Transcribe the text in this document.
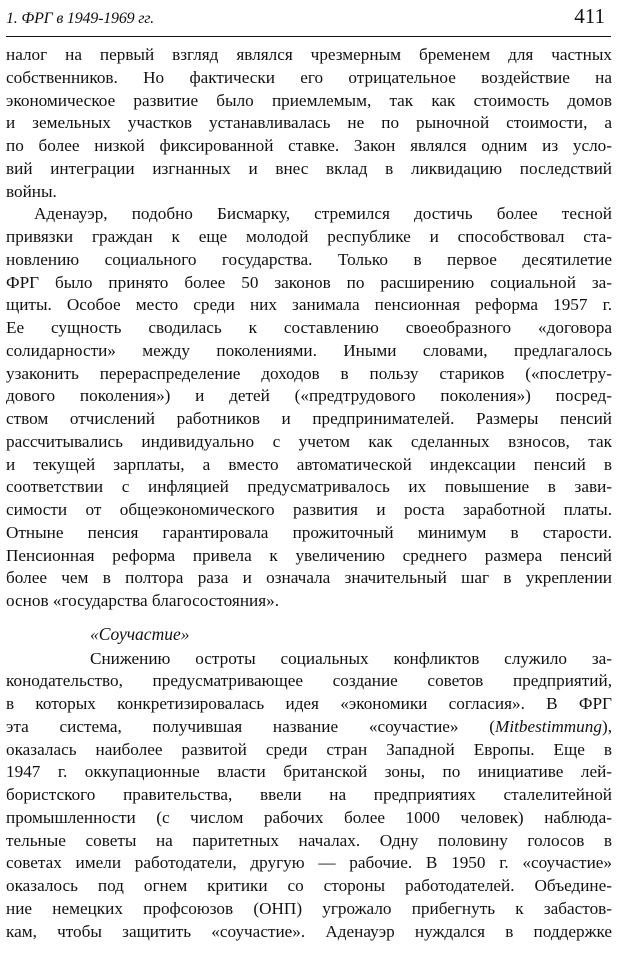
1. ФРГ в 1949-1969 гг.	411
налог на первый взгляд являлся чрезмерным бременем для частных
собственников. Но фактически его отрицательное воздействие на
экономическое развитие было приемлемым, так как стоимость домов
и земельных участков устанавливалась не по рыночной стоимости, а
по более низкой фиксированной ставке. Закон являлся одним из усло-
вий интеграции изгнанных и внес вклад в ликвидацию последствий
войны.
Аденауэр, подобно Бисмарку, стремился достичь более тесной
привязки граждан к еще молодой республике и способствовал ста-
новлению социального государства. Только в первое десятилетие
ФРГ было принято более 50 законов по расширению социальной за-
щиты. Особое место среди них занимала пенсионная реформа 1957 г.
Ее сущность сводилась к составлению своеобразного «договора
солидарности» между поколениями. Иными словами, предлагалось
узаконить перераспределение доходов в пользу стариков («послетру-
дового поколения») и детей («предтрудового поколения») посред-
ством отчислений работников и предпринимателей. Размеры пенсий
рассчитывались индивидуально с учетом как сделанных взносов, так
и текущей зарплаты, а вместо автоматической индексации пенсий в
соответствии с инфляцией предусматривалось их повышение в зави-
симости от общеэкономического развития и роста заработной платы.
Отныне пенсия гарантировала прожиточный минимум в старости.
Пенсионная реформа привела к увеличению среднего размера пенсий
более чем в полтора раза и означала значительный шаг в укреплении
основ «государства благосостояния».
«Соучастие»
Снижению остроты социальных конфликтов служило за-
конодательство, предусматривающее создание советов предприятий,
в которых конкретизировалась идея «экономики согласия». В ФРГ
эта система, получившая название «соучастие» (Mitbestimmung),
оказалась наиболее развитой среди стран Западной Европы. Еще в
1947 г. оккупационные власти британской зоны, по инициативе лей-
бористского правительства, ввели на предприятиях сталелитейной
промышленности (с числом рабочих более 1000 человек) наблюда-
тельные советы на паритетных началах. Одну половину голосов в
советах имели работодатели, другую — рабочие. В 1950 г. «соучастие»
оказалось под огнем критики со стороны работодателей. Объедине-
ние немецких профсоюзов (ОНП) угрожало прибегнуть к забастов-
кам, чтобы защитить «соучастие». Аденауэр нуждался в поддержке
